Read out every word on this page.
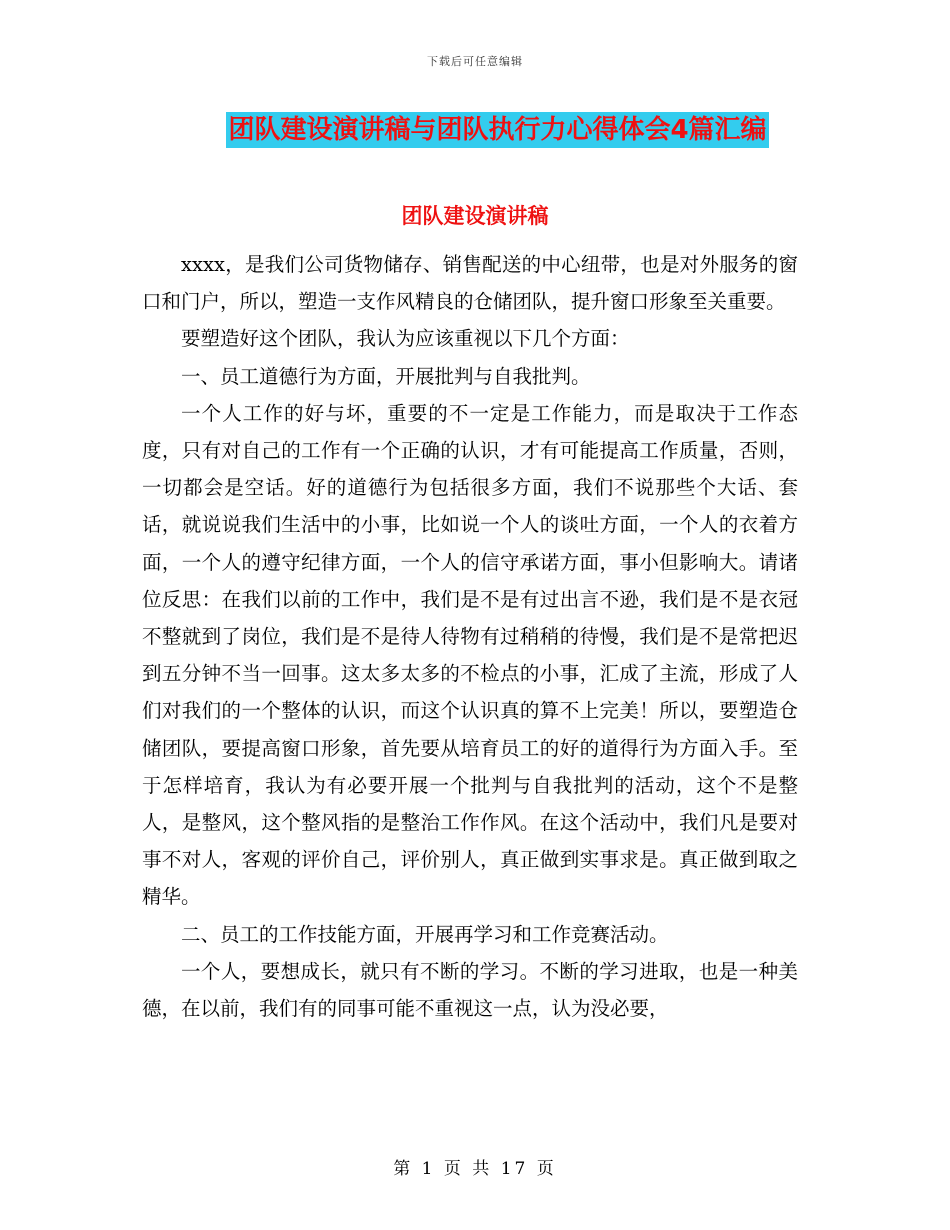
下载后可任意编辑
团队建设演讲稿与团队执行力心得体会4篇汇编
团队建设演讲稿

xxxx，是我们公司货物储存、销售配送的中心纽带，也是对外服务的窗口和门户，所以，塑造一支作风精良的仓储团队，提升窗口形象至关重要。

要塑造好这个团队，我认为应该重视以下几个方面：

一、员工道德行为方面，开展批判与自我批判。

一个人工作的好与坏，重要的不一定是工作能力，而是取决于工作态度，只有对自己的工作有一个正确的认识，才有可能提高工作质量，否则，一切都会是空话。好的道德行为包括很多方面，我们不说那些个大话、套话，就说说我们生活中的小事，比如说一个人的谈吐方面，一个人的衣着方面，一个人的遵守纪律方面，一个人的信守承诺方面，事小但影响大。请诸位反思：在我们以前的工作中，我们是不是有过出言不逊，我们是不是衣冠不整就到了岗位，我们是不是待人待物有过稍稍的待慢，我们是不是常把迟到五分钟不当一回事。这太多太多的不检点的小事，汇成了主流，形成了人们对我们的一个整体的认识，而这个认识真的算不上完美！所以，要塑造仓储团队，要提高窗口形象，首先要从培育员工的好的道得行为方面入手。至于怎样培育，我认为有必要开展一个批判与自我批判的活动，这个不是整人，是整风，这个整风指的是整治工作作风。在这个活动中，我们凡是要对事不对人，客观的评价自己，评价别人，真正做到实事求是。真正做到取之精华。

二、员工的工作技能方面，开展再学习和工作竞赛活动。

一个人，要想成长，就只有不断的学习。不断的学习进取，也是一种美德，在以前，我们有的同事可能不重视这一点，认为没必要，

第 1 页 共 17 页
